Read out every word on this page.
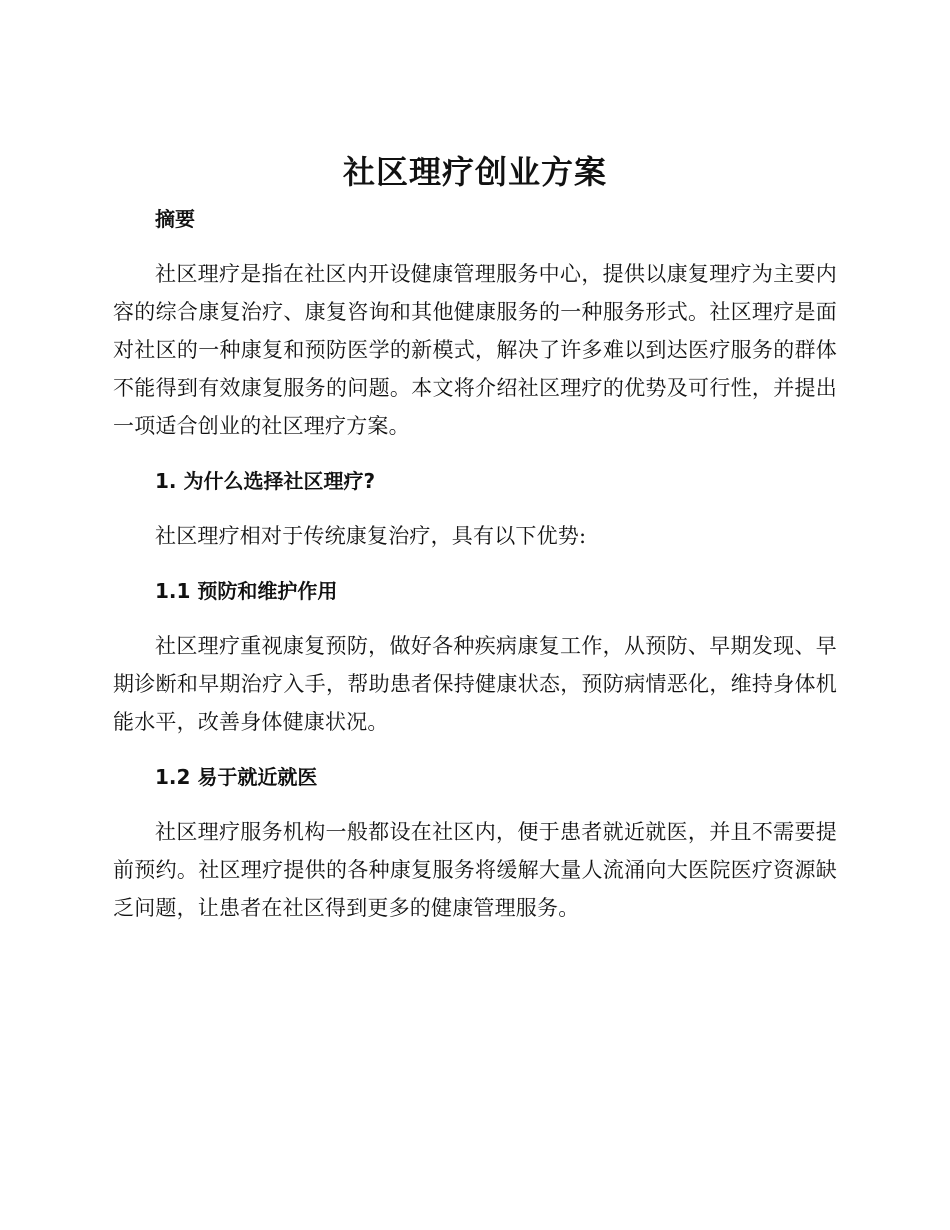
社区理疗创业方案

摘要

社区理疗是指在社区内开设健康管理服务中心，提供以康复理疗为主要内容的综合康复治疗、康复咨询和其他健康服务的一种服务形式。社区理疗是面对社区的一种康复和预防医学的新模式，解决了许多难以到达医疗服务的群体不能得到有效康复服务的问题。本文将介绍社区理疗的优势及可行性，并提出一项适合创业的社区理疗方案。

1. 为什么选择社区理疗?

社区理疗相对于传统康复治疗，具有以下优势:

1.1 预防和维护作用

社区理疗重视康复预防，做好各种疾病康复工作，从预防、早期发现、早期诊断和早期治疗入手，帮助患者保持健康状态，预防病情恶化，维持身体机能水平，改善身体健康状况。

1.2 易于就近就医

社区理疗服务机构一般都设在社区内，便于患者就近就医，并且不需要提前预约。社区理疗提供的各种康复服务将缓解大量人流涌向大医院医疗资源缺乏问题，让患者在社区得到更多的健康管理服务。
